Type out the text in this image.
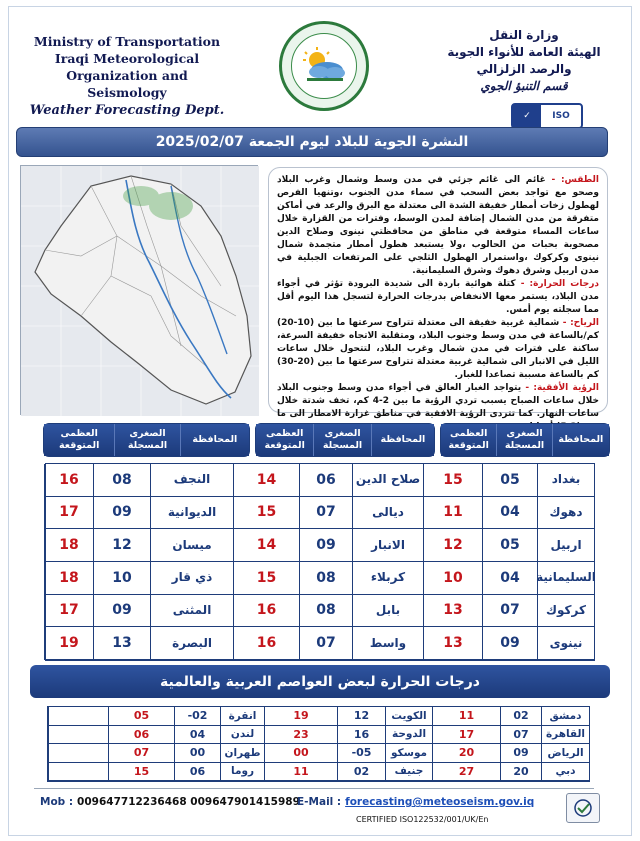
Ministry of Transportation
Iraqi Meteorological
Organization and Seismology
Weather Forecasting Dept.
وزارة النقل
الهيئة العامة للأنواء الجوية
والرصد الزلزالي
قسم التنبؤ الجوي
✓	ISO
النشرة الجوية للبلاد ليوم الجمعة 2025/02/07

الطقس: - غائم الى غائم جزئي في مدن وسط وشمال وغرب البلاد وصحو مع تواجد بعض السحب في سماء مدن الجنوب ،وتنهيا الفرص لهطول زخات أمطار خفيفة الشدة الى معتدلة مع البرق والرعد في أماكن متفرقة من مدن الشمال إضافة لمدن الوسط، وفترات من القزارة خلال ساعات المساء متوقعة في مناطق من محافظتي نينوى وصلاح الدين مصحوبة بحبات من الحالوب ،ولا يستبعد هطول أمطار متجمدة شمال نينوى وكركوك ،واستمرار الهطول الثلجي على المرتفعات الجبلية في مدن اربيل وشرق دهوك وشرق السليمانية.

درجات الحرارة: - كتلة هوائية باردة الى شديدة البرودة تؤثر في أجواء مدن البلاد، يستمر معها الانخفاض بدرجات الحرارة لتسجل هذا اليوم أقل مما سجلته يوم أمس.

الرياح: - شمالية غربية خفيفة الى معتدلة تتراوح سرعتها ما بين (10-20) كم/بالساعة في مدن وسط وجنوب البلاد، ومتقلبة الاتجاه خفيفة السرعة، ساكنة على فترات في مدن شمال وغرب البلاد، لتتحول خلال ساعات الليل في الانبار الى شمالية غربية معتدلة تتراوح سرعتها ما بين (20-30) كم بالساعة مسببة تصاعدا للغبار.

الرؤية الأفقية: - يتواجد الغبار العالق في أجواء مدن وسط وجنوب البلاد خلال ساعات الصباح يسبب تردي الرؤية ما بين 2-4 كم، تخف شدتة خلال ساعات النهار. كما تتردى الرؤية الافقية في مناطق غزارة الامطار الى ما

المحافظة
الصغرى المسجلة
العظمى المتوقعة
المحافظة
الصغرى المسجلة
العظمى المتوقعة
المحافظة
الصغرى المسجلة
العظمى المتوقعة
بغداد
05
15
صلاح الدين
06
14
النجف
08
16
دهوك
04
11
ديالى
07
15
الديوانية
09
17
اربيل
05
12
الانبار
09
14
ميسان
12
18
السليمانية
04
10
كربلاء
08
15
ذي قار
10
18
كركوك
07
13
بابل
08
16
المثنى
09
17
نينوى
09
13
واسط
07
16
البصرة
13
19
درجات الحرارة لبعض العواصم العربية والعالمية
دمشق
02
11
الكويت
12
19
انقرة
02-
05
القاهرة
07
17
الدوحة
16
23
لندن
04
06
الرياض
09
20
موسكو
05-
00
طهران
00
07
دبي
20
27
جنيف
02
11
روما
06
15
Mob : 009647712236468 009647901415989
E-Mail : forecasting@meteoseism.gov.iq
CERTIFIED ISO122532/001/UK/En
